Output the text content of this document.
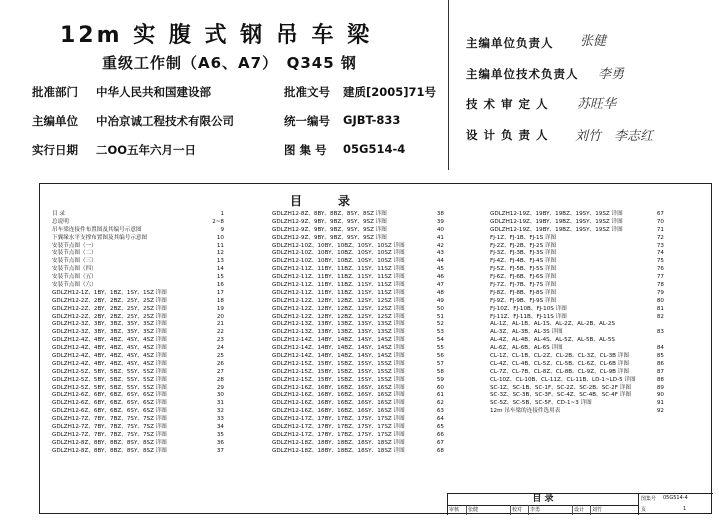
12m 实 腹 式 钢 吊 车 梁
重级工作制（A6、A7）　Q345 钢
批准部门 中华人民共和国建设部	批准文号 建质[2005]71号
主编单位 中冶京诚工程技术有限公司	统一编号 GJBT-833
实行日期 二OO五年六月一日	图 集 号 05G514-4
主编单位负责人 张健
主编单位技术负责人 李勇
技 术 审 定 人 苏旺华
设 计 负 责 人 刘竹　李志红
目　　录
目 录	1
总说明	2~8
吊车梁连接件布置图及其编号示意图	9
下翼缘水平支撑布置图及其编号示意图	10
安装节点图（一）	11
安装节点图（二）	12
安装节点图（三）	13
安装节点图（四）	14
安装节点图（五）	15
安装节点图（六）	16
GDLZH12-1Z、1BY、1BZ、1SY、1SZ 详图	17
GDLZH12-2Z、2BY、2BZ、2SY、2SZ 详图	18
GDLZH12-2Z、2BY、2BZ、2SY、2SZ 详图	19
GDLZH12-2Z、2BY、2BZ、2SY、2SZ 详图	20
GDLZH12-3Z、3BY、3BZ、3SY、3SZ 详图	21
GDLZH12-3Z、3BY、3BZ、3SY、3SZ 详图	22
GDLZH12-4Z、4BY、4BZ、4SY、4SZ 详图	23
GDLZH12-4Z、4BY、4BZ、4SY、4SZ 详图	24
GDLZH12-4Z、4BY、4BZ、4SY、4SZ 详图	25
GDLZH12-4Z、4BY、4BZ、4SY、4SZ 详图	26
GDLZH12-5Z、5BY、5BZ、5SY、5SZ 详图	27
GDLZH12-5Z、5BY、5BZ、5SY、5SZ 详图	28
GDLZH12-5Z、5BY、5BZ、5SY、5SZ 详图	29
GDLZH12-6Z、6BY、6BZ、6SY、6SZ 详图	30
GDLZH12-6Z、6BY、6BZ、6SY、6SZ 详图	31
GDLZH12-6Z、6BY、6BZ、6SY、6SZ 详图	32
GDLZH12-7Z、7BY、7BZ、7SY、7SZ 详图	33
GDLZH12-7Z、7BY、7BZ、7SY、7SZ 详图	34
GDLZH12-7Z、7BY、7BZ、7SY、7SZ 详图	35
GDLZH12-8Z、8BY、8BZ、8SY、8SZ 详图	36
GDLZH12-8Z、8BY、8BZ、8SY、8SZ 详图	37
GDLZH12-8Z、8BY、8BZ、8SY、8SZ 详图	38
GDLZH12-9Z、9BY、9BZ、9SY、9SZ 详图	39
GDLZH12-9Z、9BY、9BZ、9SY、9SZ 详图	40
GDLZH12-9Z、9BY、9BZ、9SY、9SZ 详图	41
GDLZH12-10Z、10BY、10BZ、10SY、10SZ 详图	42
GDLZH12-10Z、10BY、10BZ、10SY、10SZ 详图	43
GDLZH12-10Z、10BY、10BZ、10SY、10SZ 详图	44
GDLZH12-11Z、11BY、11BZ、11SY、11SZ 详图	45
GDLZH12-11Z、11BY、11BZ、11SY、11SZ 详图	46
GDLZH12-11Z、11BY、11BZ、11SY、11SZ 详图	47
GDLZH12-11Z、11BY、11BZ、11SY、11SZ 详图	48
GDLZH12-12Z、12BY、12BZ、12SY、12SZ 详图	49
GDLZH12-12Z、12BY、12BZ、12SY、12SZ 详图	50
GDLZH12-12Z、12BY、12BZ、12SY、12SZ 详图	51
GDLZH12-13Z、13BY、13BZ、13SY、13SZ 详图	52
GDLZH12-13Z、13BY、13BZ、13SY、13SZ 详图	53
GDLZH12-14Z、14BY、14BZ、14SY、14SZ 详图	54
GDLZH12-14Z、14BY、14BZ、14SY、14SZ 详图	55
GDLZH12-14Z、14BY、14BZ、14SY、14SZ 详图	56
GDLZH12-15Z、15BY、15BZ、15SY、15SZ 详图	57
GDLZH12-15Z、15BY、15BZ、15SY、15SZ 详图	58
GDLZH12-15Z、15BY、15BZ、15SY、15SZ 详图	59
GDLZH12-16Z、16BY、16BZ、16SY、16SZ 详图	60
GDLZH12-16Z、16BY、16BZ、16SY、16SZ 详图	61
GDLZH12-16Z、16BY、16BZ、16SY、16SZ 详图	62
GDLZH12-16Z、16BY、16BZ、16SY、16SZ 详图	63
GDLZH12-17Z、17BY、17BZ、17SY、17SZ 详图	64
GDLZH12-17Z、17BY、17BZ、17SY、17SZ 详图	65
GDLZH12-17Z、17BY、17BZ、17SY、17SZ 详图	66
GDLZH12-18Z、18BY、18BZ、18SY、18SZ 详图	67
GDLZH12-18Z、18BY、18BZ、18SY、18SZ 详图	68
GDLZH12-19Z、19BY、19BZ、19SY、19SZ 详图	67
GDLZH12-19Z、19BY、19BZ、19SY、19SZ 详图	70
GDLZH12-19Z、19BY、19BZ、19SY、19SZ 详图	71
FJ-1Z、FJ-1B、FJ-1S 详图	72
FJ-2Z、FJ-2B、FJ-2S 详图	73
FJ-3Z、FJ-3B、FJ-3S 详图	74
FJ-4Z、FJ-4B、FJ-4S 详图	75
FJ-5Z、FJ-5B、FJ-5S 详图	76
FJ-6Z、FJ-6B、FJ-6S 详图	77
FJ-7Z、FJ-7B、FJ-7S 详图	78
FJ-8Z、FJ-8B、FJ-8S 详图	79
FJ-9Z、FJ-9B、FJ-9S 详图	80
FJ-10Z、FJ-10B、FJ-10S 详图	81
FJ-11Z、FJ-11B、FJ-11S 详图	82
AL-1Z、AL-1B、AL-1S、AL-2Z、AL-2B、AL-2S
AL-3Z、AL-3B、AL-3S 详图	83
AL-4Z、AL-4B、AL-4S、AL-5Z、AL-5B、AL-5S
AL-6Z、AL-6B、AL-6S 详图	84
CL-1Z、CL-1B、CL-2Z、CL-2B、CL-3Z、CL-3B 详图	85
CL-4Z、CL-4B、CL-5Z、CL-5B、CL-6Z、CL-6B 详图	86
CL-7Z、CL-7B、CL-8Z、CL-8B、CL-9Z、CL-9B 详图	87
CL-10Z、CL-10B、CL-11Z、CL-11B、LD-1~LD-5 详图	88
SC-1Z、SC-1B、SC-1F、SC-2Z、SC-2B、SC-2F 详图	89
SC-3Z、SC-3B、SC-3F、SC-4Z、SC-4B、SC-4F 详图	90
SC-5Z、SC-5B、SC-5F、CD-1~3 详图	91
12m 吊车梁的连接件选用表	92
目 录
审核	张健	校对	李勇	设计	刘竹
图集号 05G514-4
页	1
